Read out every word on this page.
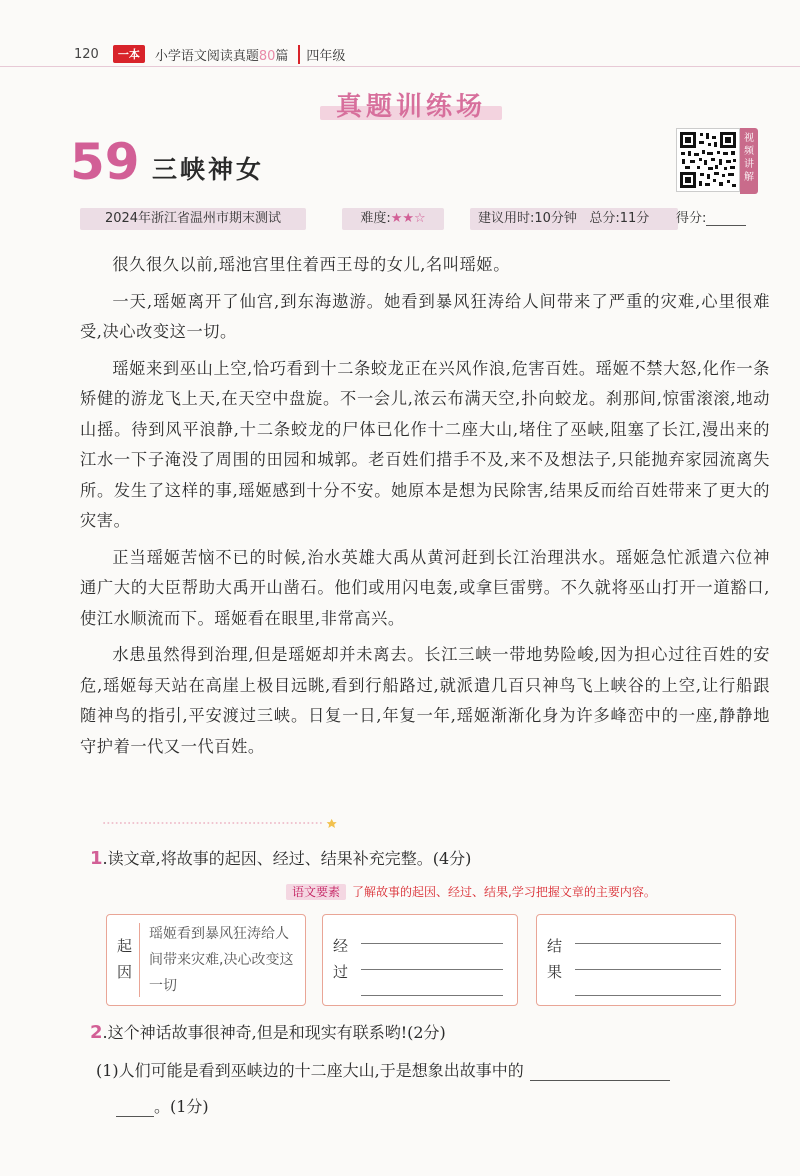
120	一本	小学语文阅读真题80篇	四年级
真题训练场
59 三峡神女
视频讲解
2024年浙江省温州市期末测试	难度:★★☆	建议用时:10分钟 总分:11分	得分:

很久很久以前,瑶池宫里住着西王母的女儿,名叫瑶姬。

一天,瑶姬离开了仙宫,到东海遨游。她看到暴风狂涛给人间带来了严重的灾难,心里很难受,决心改变这一切。

瑶姬来到巫山上空,恰巧看到十二条蛟龙正在兴风作浪,危害百姓。瑶姬不禁大怒,化作一条矫健的游龙飞上天,在天空中盘旋。不一会儿,浓云布满天空,扑向蛟龙。刹那间,惊雷滚滚,地动山摇。待到风平浪静,十二条蛟龙的尸体已化作十二座大山,堵住了巫峡,阻塞了长江,漫出来的江水一下子淹没了周围的田园和城郭。老百姓们措手不及,来不及想法子,只能抛弃家园流离失所。发生了这样的事,瑶姬感到十分不安。她原本是想为民除害,结果反而给百姓带来了更大的灾害。

正当瑶姬苦恼不已的时候,治水英雄大禹从黄河赶到长江治理洪水。瑶姬急忙派遣六位神通广大的大臣帮助大禹开山凿石。他们或用闪电轰,或拿巨雷劈。不久就将巫山打开一道豁口,使江水顺流而下。瑶姬看在眼里,非常高兴。

水患虽然得到治理,但是瑶姬却并未离去。长江三峡一带地势险峻,因为担心过往百姓的安危,瑶姬每天站在高崖上极目远眺,看到行船路过,就派遣几百只神鸟飞上峡谷的上空,让行船跟随神鸟的指引,平安渡过三峡。日复一日,年复一年,瑶姬渐渐化身为许多峰峦中的一座,静静地守护着一代又一代百姓。

1.读文章,将故事的起因、经过、结果补充完整。(4分)
语文要素 了解故事的起因、经过、结果,学习把握文章的主要内容。
起因
瑶姬看到暴风狂涛给人间带来灾难,决心改变这一切
经过
结果
2.这个神话故事很神奇,但是和现实有联系哟!(2分)
(1)人们可能是看到巫峡边的十二座大山,于是想象出故事中的
。(1分)
